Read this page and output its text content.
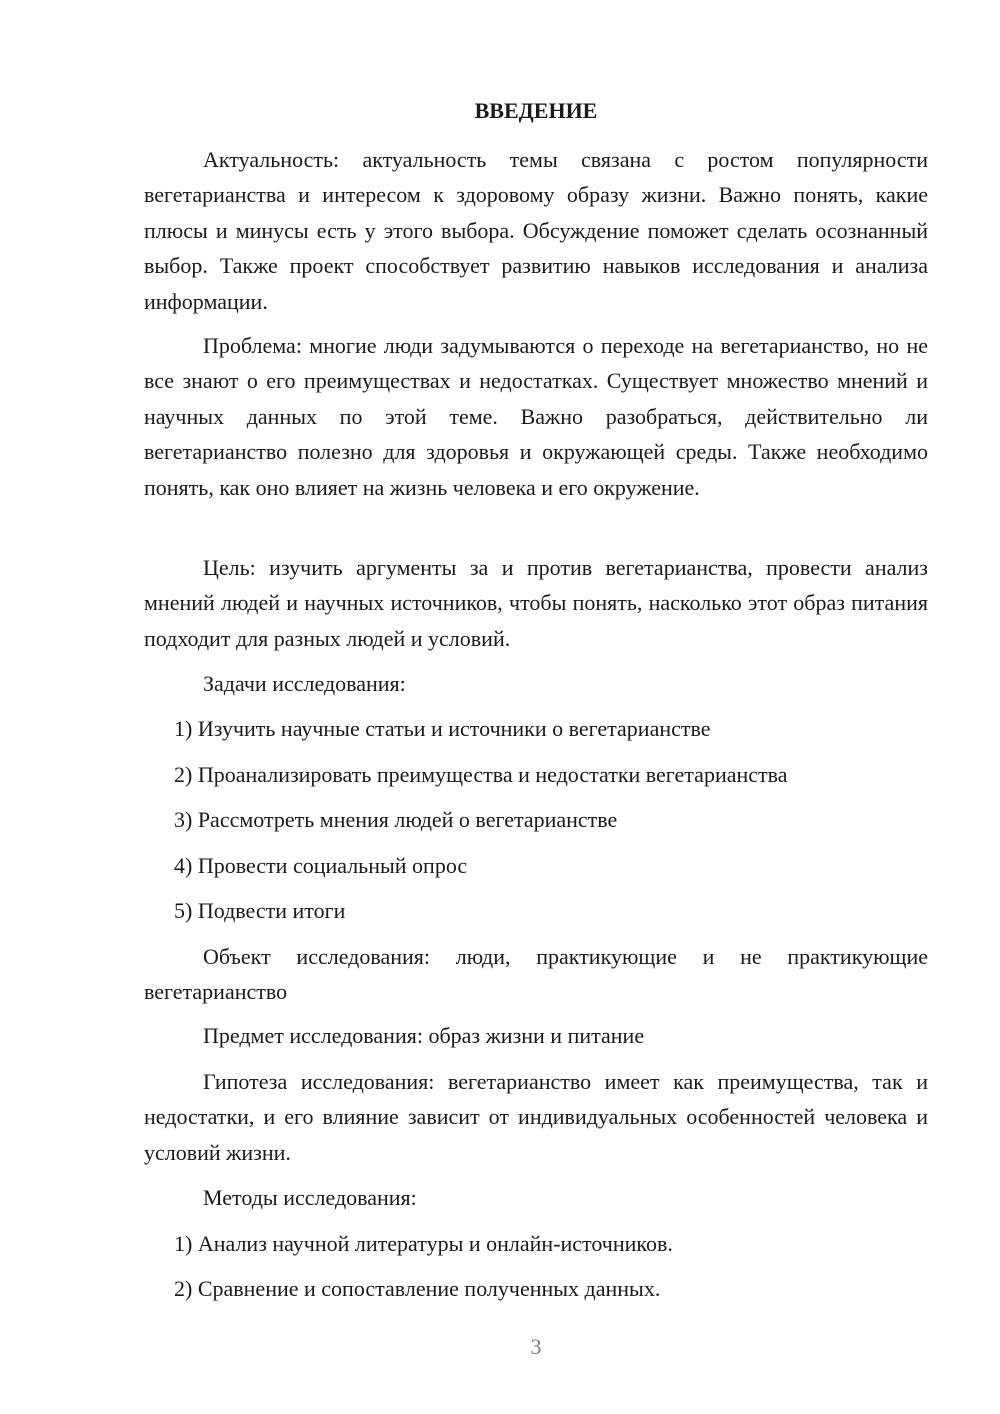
ВВЕДЕНИЕ

Актуальность: актуальность темы связана с ростом популярности вегетарианства и интересом к здоровому образу жизни. Важно понять, какие плюсы и минусы есть у этого выбора. Обсуждение поможет сделать осознанный выбор. Также проект способствует развитию навыков исследования и анализа информации.

Проблема: многие люди задумываются о переходе на вегетарианство, но не все знают о его преимуществах и недостатках. Существует множество мнений и научных данных по этой теме. Важно разобраться, действительно ли вегетарианство полезно для здоровья и окружающей среды. Также необходимо понять, как оно влияет на жизнь человека и его окружение.

Цель: изучить аргументы за и против вегетарианства, провести анализ мнений людей и научных источников, чтобы понять, насколько этот образ питания подходит для разных людей и условий.

Задачи исследования:

1) Изучить научные статьи и источники о вегетарианстве

2) Проанализировать преимущества и недостатки вегетарианства

3) Рассмотреть мнения людей о вегетарианстве

4) Провести социальный опрос

5) Подвести итоги

Объект исследования: люди, практикующие и не практикующие вегетарианство

Предмет исследования: образ жизни и питание

Гипотеза исследования: вегетарианство имеет как преимущества, так и недостатки, и его влияние зависит от индивидуальных особенностей человека и условий жизни.

Методы исследования:

1) Анализ научной литературы и онлайн-источников.

2) Сравнение и сопоставление полученных данных.

3
